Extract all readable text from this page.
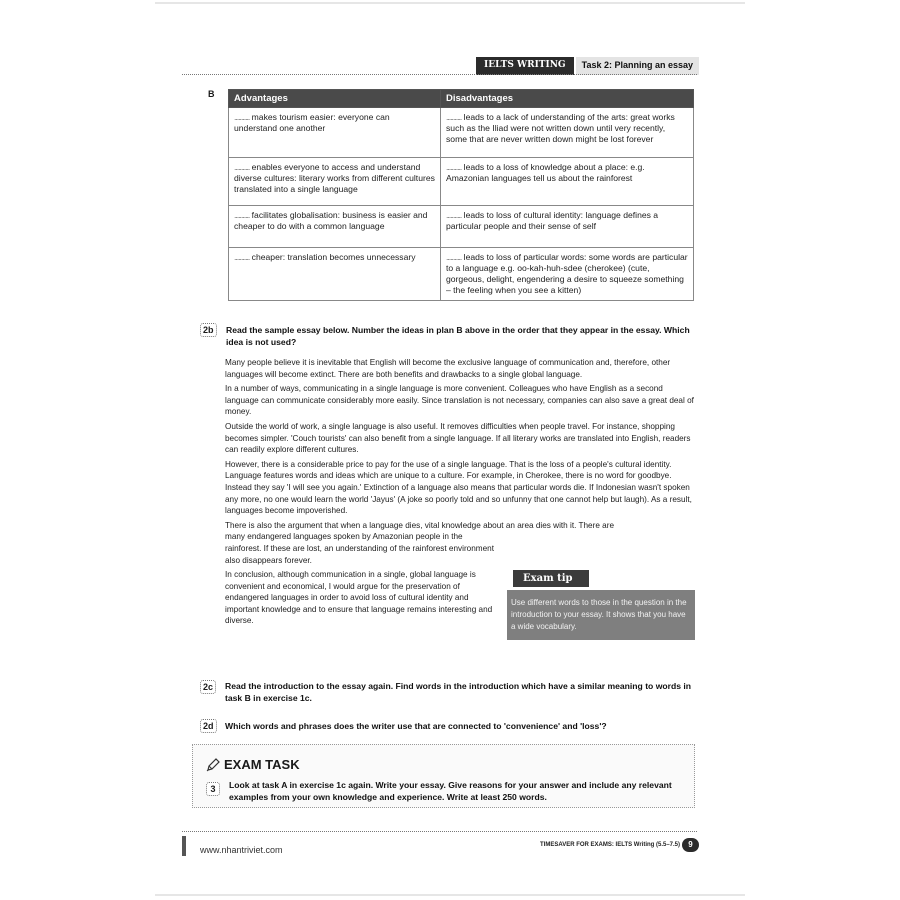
IELTS WRITING	Task 2: Planning an essay
B Advantages	Disadvantages
........... makes tourism easier: everyone can understand one another	........... leads to a lack of understanding of the arts: great works such as the Iliad were not written down until very recently, some that are never written down might be lost forever
........... enables everyone to access and understand diverse cultures: literary works from different cultures translated into a single language	........... leads to a loss of knowledge about a place: e.g. Amazonian languages tell us about the rainforest
........... facilitates globalisation: business is easier and cheaper to do with a common language	........... leads to loss of cultural identity: language defines a particular people and their sense of self
........... cheaper: translation becomes unnecessary	........... leads to loss of particular words: some words are particular to a language e.g. oo-kah-huh-sdee (cherokee) (cute, gorgeous, delight, engendering a desire to squeeze something – the feeling when you see a kitten)
2b	Read the sample essay below. Number the ideas in plan B above in the order that they appear in the essay. Which idea is not used?

Many people believe it is inevitable that English will become the exclusive language of communication and, therefore, other languages will become extinct. There are both benefits and drawbacks to a single global language.

In a number of ways, communicating in a single language is more convenient. Colleagues who have English as a second language can communicate considerably more easily. Since translation is not necessary, companies can also save a great deal of money.

Outside the world of work, a single language is also useful. It removes difficulties when people travel. For instance, shopping becomes simpler. 'Couch tourists' can also benefit from a single language. If all literary works are translated into English, readers can readily explore different cultures.

However, there is a considerable price to pay for the use of a single language. That is the loss of a people's cultural identity. Language features words and ideas which are unique to a culture. For example, in Cherokee, there is no word for goodbye. Instead they say 'I will see you again.' Extinction of a language also means that particular words die. If Indonesian wasn't spoken any more, no one would learn the world 'Jayus' (A joke so poorly told and so unfunny that one cannot help but laugh). As a result, languages become impoverished.

There is also the argument that when a language dies, vital knowledge about an area dies with it. There are

many endangered languages spoken by Amazonian people in the rainforest. If these are lost, an understanding of the rainforest environment also disappears forever.

In conclusion, although communication in a single, global language is convenient and economical, I would argue for the preservation of endangered languages in order to avoid loss of cultural identity and important knowledge and to ensure that language remains interesting and diverse.

Exam tip
Use different words to those in the question in the introduction to your essay. It shows that you have a wide vocabulary.
2c	Read the introduction to the essay again. Find words in the introduction which have a similar meaning to words in task B in exercise 1c.
2d	Which words and phrases does the writer use that are connected to 'convenience' and 'loss'?
EXAM TASK
3	Look at task A in exercise 1c again. Write your essay. Give reasons for your answer and include any relevant examples from your own knowledge and experience. Write at least 250 words.
www.nhantriviet.com	TIMESAVER FOR EXAMS: IELTS Writing (5.5–7.5)	9
